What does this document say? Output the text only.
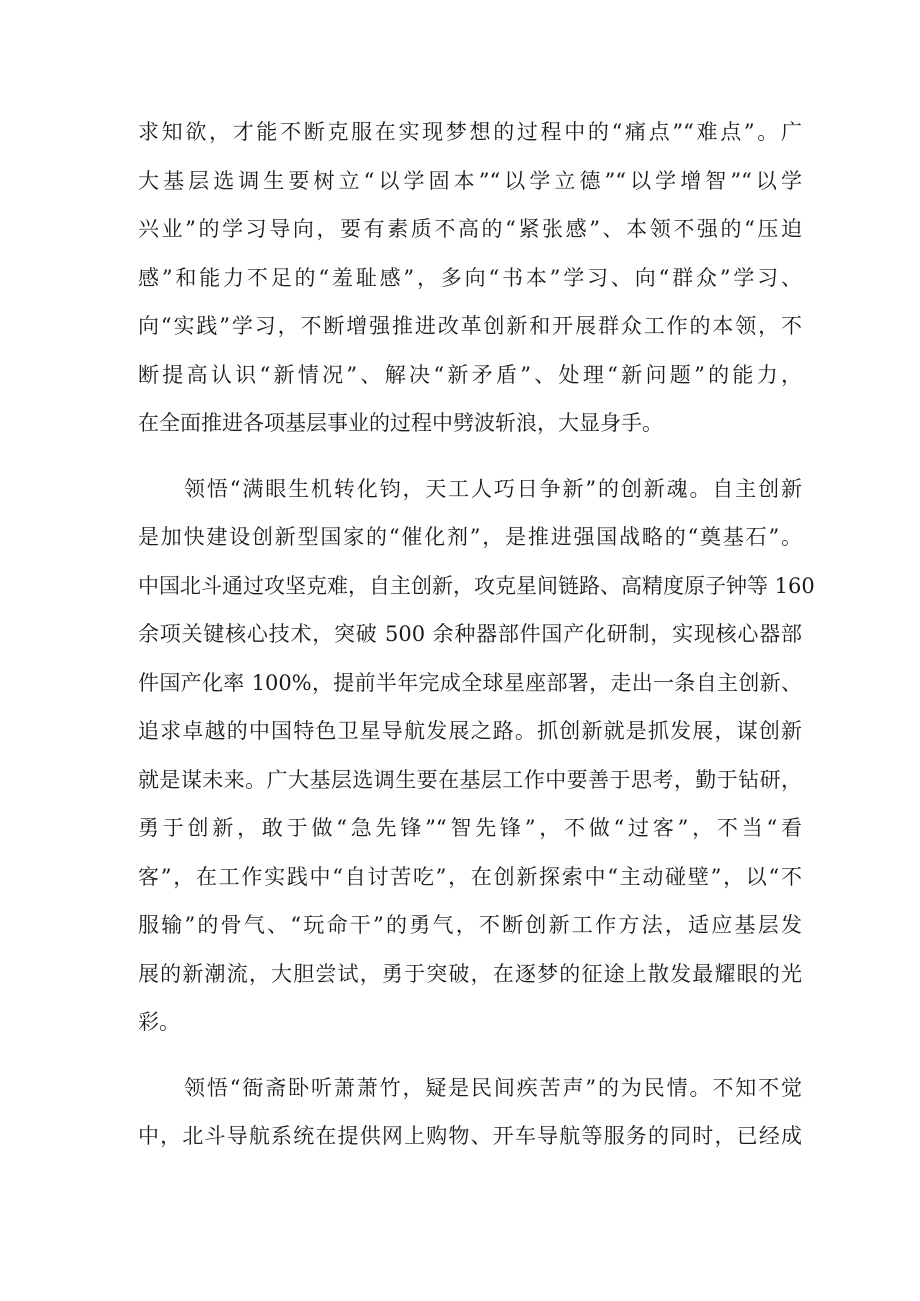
求知欲，才能不断克服在实现梦想的过程中的“痛点”“难点”。广
大基层选调生要树立“以学固本”“以学立德”“以学增智”“以学
兴业”的学习导向，要有素质不高的“紧张感”、本领不强的“压迫
感”和能力不足的“羞耻感”，多向“书本”学习、向“群众”学习、
向“实践”学习，不断增强推进改革创新和开展群众工作的本领，不
断提高认识“新情况”、解决“新矛盾”、处理“新问题”的能力，
在全面推进各项基层事业的过程中劈波斩浪，大显身手。
领悟“满眼生机转化钧，天工人巧日争新”的创新魂。自主创新
是加快建设创新型国家的“催化剂”，是推进强国战略的“奠基石”。
中国北斗通过攻坚克难，自主创新，攻克星间链路、高精度原子钟等 160
余项关键核心技术，突破 500 余种器部件国产化研制，实现核心器部
件国产化率 100%，提前半年完成全球星座部署，走出一条自主创新、
追求卓越的中国特色卫星导航发展之路。抓创新就是抓发展，谋创新
就是谋未来。广大基层选调生要在基层工作中要善于思考，勤于钻研，
勇于创新，敢于做“急先锋”“智先锋”，不做“过客”，不当“看
客”，在工作实践中“自讨苦吃”，在创新探索中“主动碰壁”，以“不
服输”的骨气、“玩命干”的勇气，不断创新工作方法，适应基层发
展的新潮流，大胆尝试，勇于突破，在逐梦的征途上散发最耀眼的光
彩。
领悟“衙斋卧听萧萧竹，疑是民间疾苦声”的为民情。不知不觉
中，北斗导航系统在提供网上购物、开车导航等服务的同时，已经成
